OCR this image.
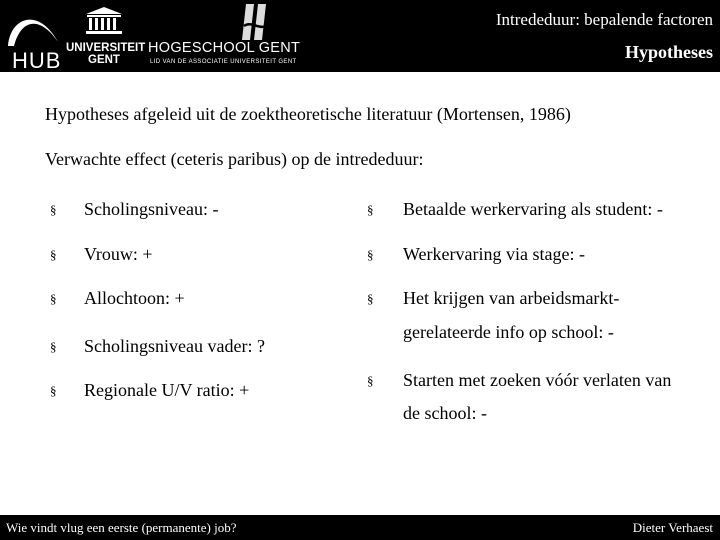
HUB UNIVERSITEIT
GENT
HOGESCHOOL GENT
LID VAN DE ASSOCIATIE UNIVERSITEIT GENT
Intrededuur: bepalende factoren
Hypotheses
Hypotheses afgeleid uit de zoektheoretische literatuur (Mortensen, 1986)
Verwachte effect (ceteris paribus) op de intrededuur:
§ Scholingsniveau: -
§ Vrouw: +
§ Allochtoon: +
§ Scholingsniveau vader: ?
§ Regionale U/V ratio: +
§ Betaalde werkervaring als student: -
§ Werkervaring via stage: -
§ Het krijgen van arbeidsmarkt-
gerelateerde info op school: -
§ Starten met zoeken vóór verlaten van
de school: -
Wie vindt vlug een eerste (permanente) job?	Dieter Verhaest
